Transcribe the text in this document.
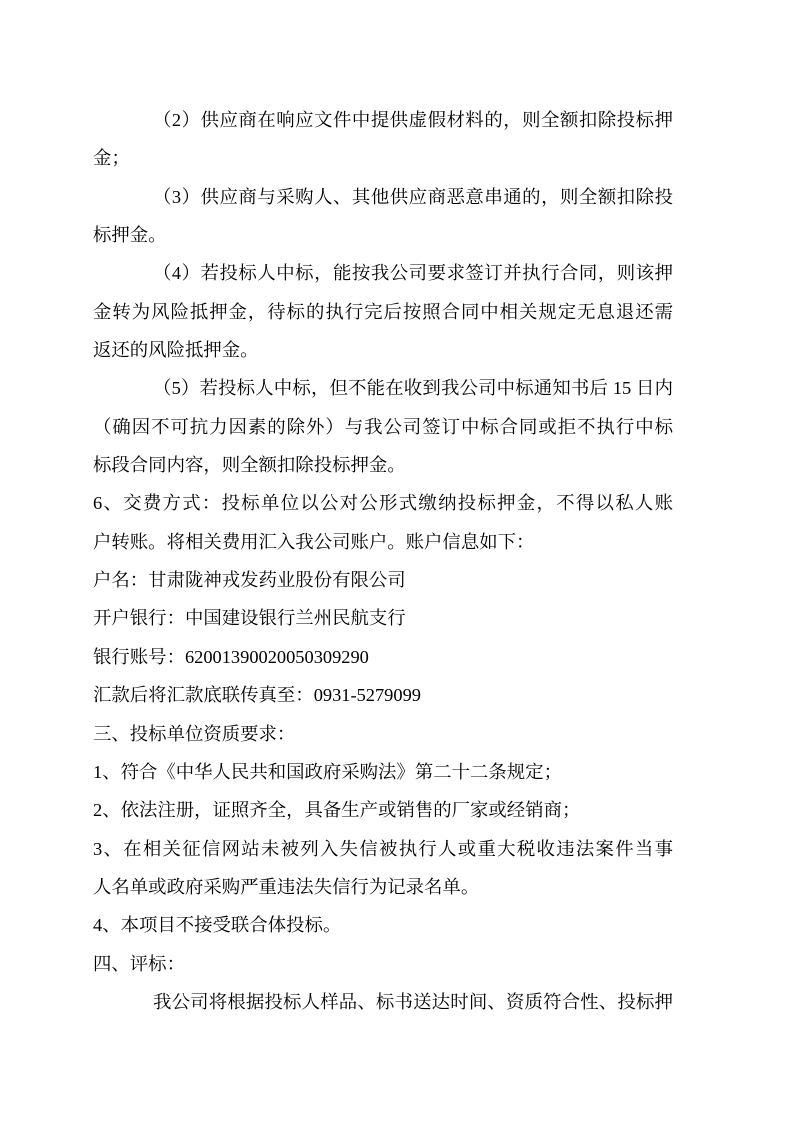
（2）供应商在响应文件中提供虚假材料的，则全额扣除投标押
金；
（3）供应商与采购人、其他供应商恶意串通的，则全额扣除投
标押金。
（4）若投标人中标，能按我公司要求签订并执行合同，则该押
金转为风险抵押金，待标的执行完后按照合同中相关规定无息退还需
返还的风险抵押金。
（5）若投标人中标，但不能在收到我公司中标通知书后 15 日内
（确因不可抗力因素的除外）与我公司签订中标合同或拒不执行中标
标段合同内容，则全额扣除投标押金。
6、交费方式：投标单位以公对公形式缴纳投标押金，不得以私人账
户转账。将相关费用汇入我公司账户。账户信息如下：
户名：甘肃陇神戎发药业股份有限公司
开户银行：中国建设银行兰州民航支行
银行账号：62001390020050309290
汇款后将汇款底联传真至：0931-5279099
三、投标单位资质要求：
1、符合《中华人民共和国政府采购法》第二十二条规定；
2、依法注册，证照齐全，具备生产或销售的厂家或经销商；
3、在相关征信网站未被列入失信被执行人或重大税收违法案件当事
人名单或政府采购严重违法失信行为记录名单。
4、本项目不接受联合体投标。
四、评标：
我公司将根据投标人样品、标书送达时间、资质符合性、投标押
